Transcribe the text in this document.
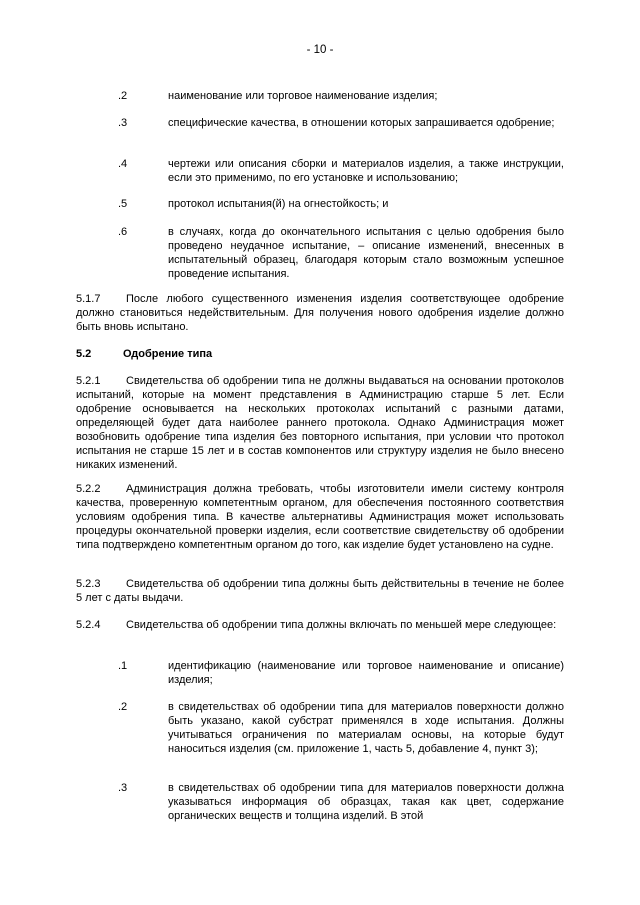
- 10 -
.2	наименование или торговое наименование изделия;
.3	специфические качества, в отношении которых запрашивается одобрение;
.4	чертежи или описания сборки и материалов изделия, а также инструкции, если это применимо, по его установке и использованию;
.5	протокол испытания(й) на огнестойкость; и
.6	в случаях, когда до окончательного испытания с целью одобрения было проведено неудачное испытание, – описание изменений, внесенных в испытательный образец, благодаря которым стало возможным успешное проведение испытания.
5.1.7 После любого существенного изменения изделия соответствующее одобрение должно становиться недействительным. Для получения нового одобрения изделие должно быть вновь испытано.
5.2	Одобрение типа
5.2.1 Свидетельства об одобрении типа не должны выдаваться на основании протоколов испытаний, которые на момент представления в Администрацию старше 5 лет. Если одобрение основывается на нескольких протоколах испытаний с разными датами, определяющей будет дата наиболее раннего протокола. Однако Администрация может возобновить одобрение типа изделия без повторного испытания, при условии что протокол испытания не старше 15 лет и в состав компонентов или структуру изделия не было внесено никаких изменений.
5.2.2 Администрация должна требовать, чтобы изготовители имели систему контроля качества, проверенную компетентным органом, для обеспечения постоянного соответствия условиям одобрения типа. В качестве альтернативы Администрация может использовать процедуры окончательной проверки изделия, если соответствие свидетельству об одобрении типа подтверждено компетентным органом до того, как изделие будет установлено на судне.
5.2.3 Свидетельства об одобрении типа должны быть действительны в течение не более 5 лет с даты выдачи.
5.2.4 Свидетельства об одобрении типа должны включать по меньшей мере следующее:
.1	идентификацию (наименование или торговое наименование и описание) изделия;
.2	в свидетельствах об одобрении типа для материалов поверхности должно быть указано, какой субстрат применялся в ходе испытания. Должны учитываться ограничения по материалам основы, на которые будут наноситься изделия (см. приложение 1, часть 5, добавление 4, пункт 3);
.3	в свидетельствах об одобрении типа для материалов поверхности должна указываться информация об образцах, такая как цвет, содержание органических веществ и толщина изделий. В этой
